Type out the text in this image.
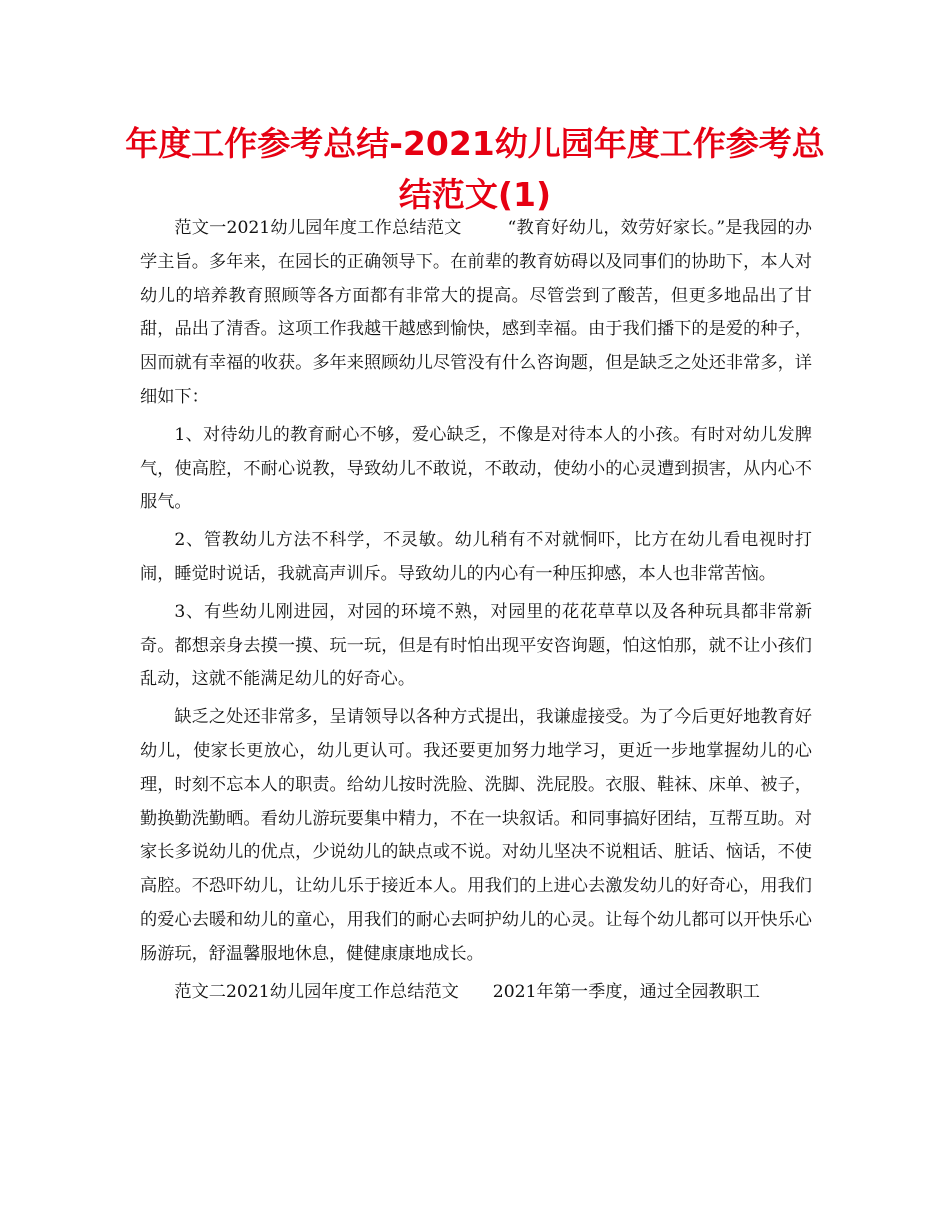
年度工作参考总结-2021幼儿园年度工作参考总结范文(1)

范文一2021幼儿园年度工作总结范文	“教育好幼儿，效劳好家长。”是我园的办学主旨。多年来，在园长的正确领导下。在前辈的教育妨碍以及同事们的协助下，本人对幼儿的培养教育照顾等各方面都有非常大的提高。尽管尝到了酸苦，但更多地品出了甘甜，品出了清香。这项工作我越干越感到愉快，感到幸福。由于我们播下的是爱的种子，因而就有幸福的收获。多年来照顾幼儿尽管没有什么咨询题，但是缺乏之处还非常多，详细如下：

1、对待幼儿的教育耐心不够，爱心缺乏，不像是对待本人的小孩。有时对幼儿发脾气，使高腔，不耐心说教，导致幼儿不敢说，不敢动，使幼小的心灵遭到损害，从内心不服气。

2、管教幼儿方法不科学，不灵敏。幼儿稍有不对就恫吓，比方在幼儿看电视时打闹，睡觉时说话，我就高声训斥。导致幼儿的内心有一种压抑感，本人也非常苦恼。

3、有些幼儿刚进园，对园的环境不熟，对园里的花花草草以及各种玩具都非常新奇。都想亲身去摸一摸、玩一玩，但是有时怕出现平安咨询题，怕这怕那，就不让小孩们乱动，这就不能满足幼儿的好奇心。

缺乏之处还非常多，呈请领导以各种方式提出，我谦虚接受。为了今后更好地教育好幼儿，使家长更放心，幼儿更认可。我还要更加努力地学习，更近一步地掌握幼儿的心理，时刻不忘本人的职责。给幼儿按时洗脸、洗脚、洗屁股。衣服、鞋袜、床单、被子，勤换勤洗勤晒。看幼儿游玩要集中精力，不在一块叙话。和同事搞好团结，互帮互助。对家长多说幼儿的优点，少说幼儿的缺点或不说。对幼儿坚决不说粗话、脏话、恼话，不使高腔。不恐吓幼儿，让幼儿乐于接近本人。用我们的上进心去激发幼儿的好奇心，用我们的爱心去暖和幼儿的童心，用我们的耐心去呵护幼儿的心灵。让每个幼儿都可以开快乐心肠游玩，舒温馨服地休息，健健康康地成长。

范文二2021幼儿园年度工作总结范文 2021年第一季度，通过全园教职工
